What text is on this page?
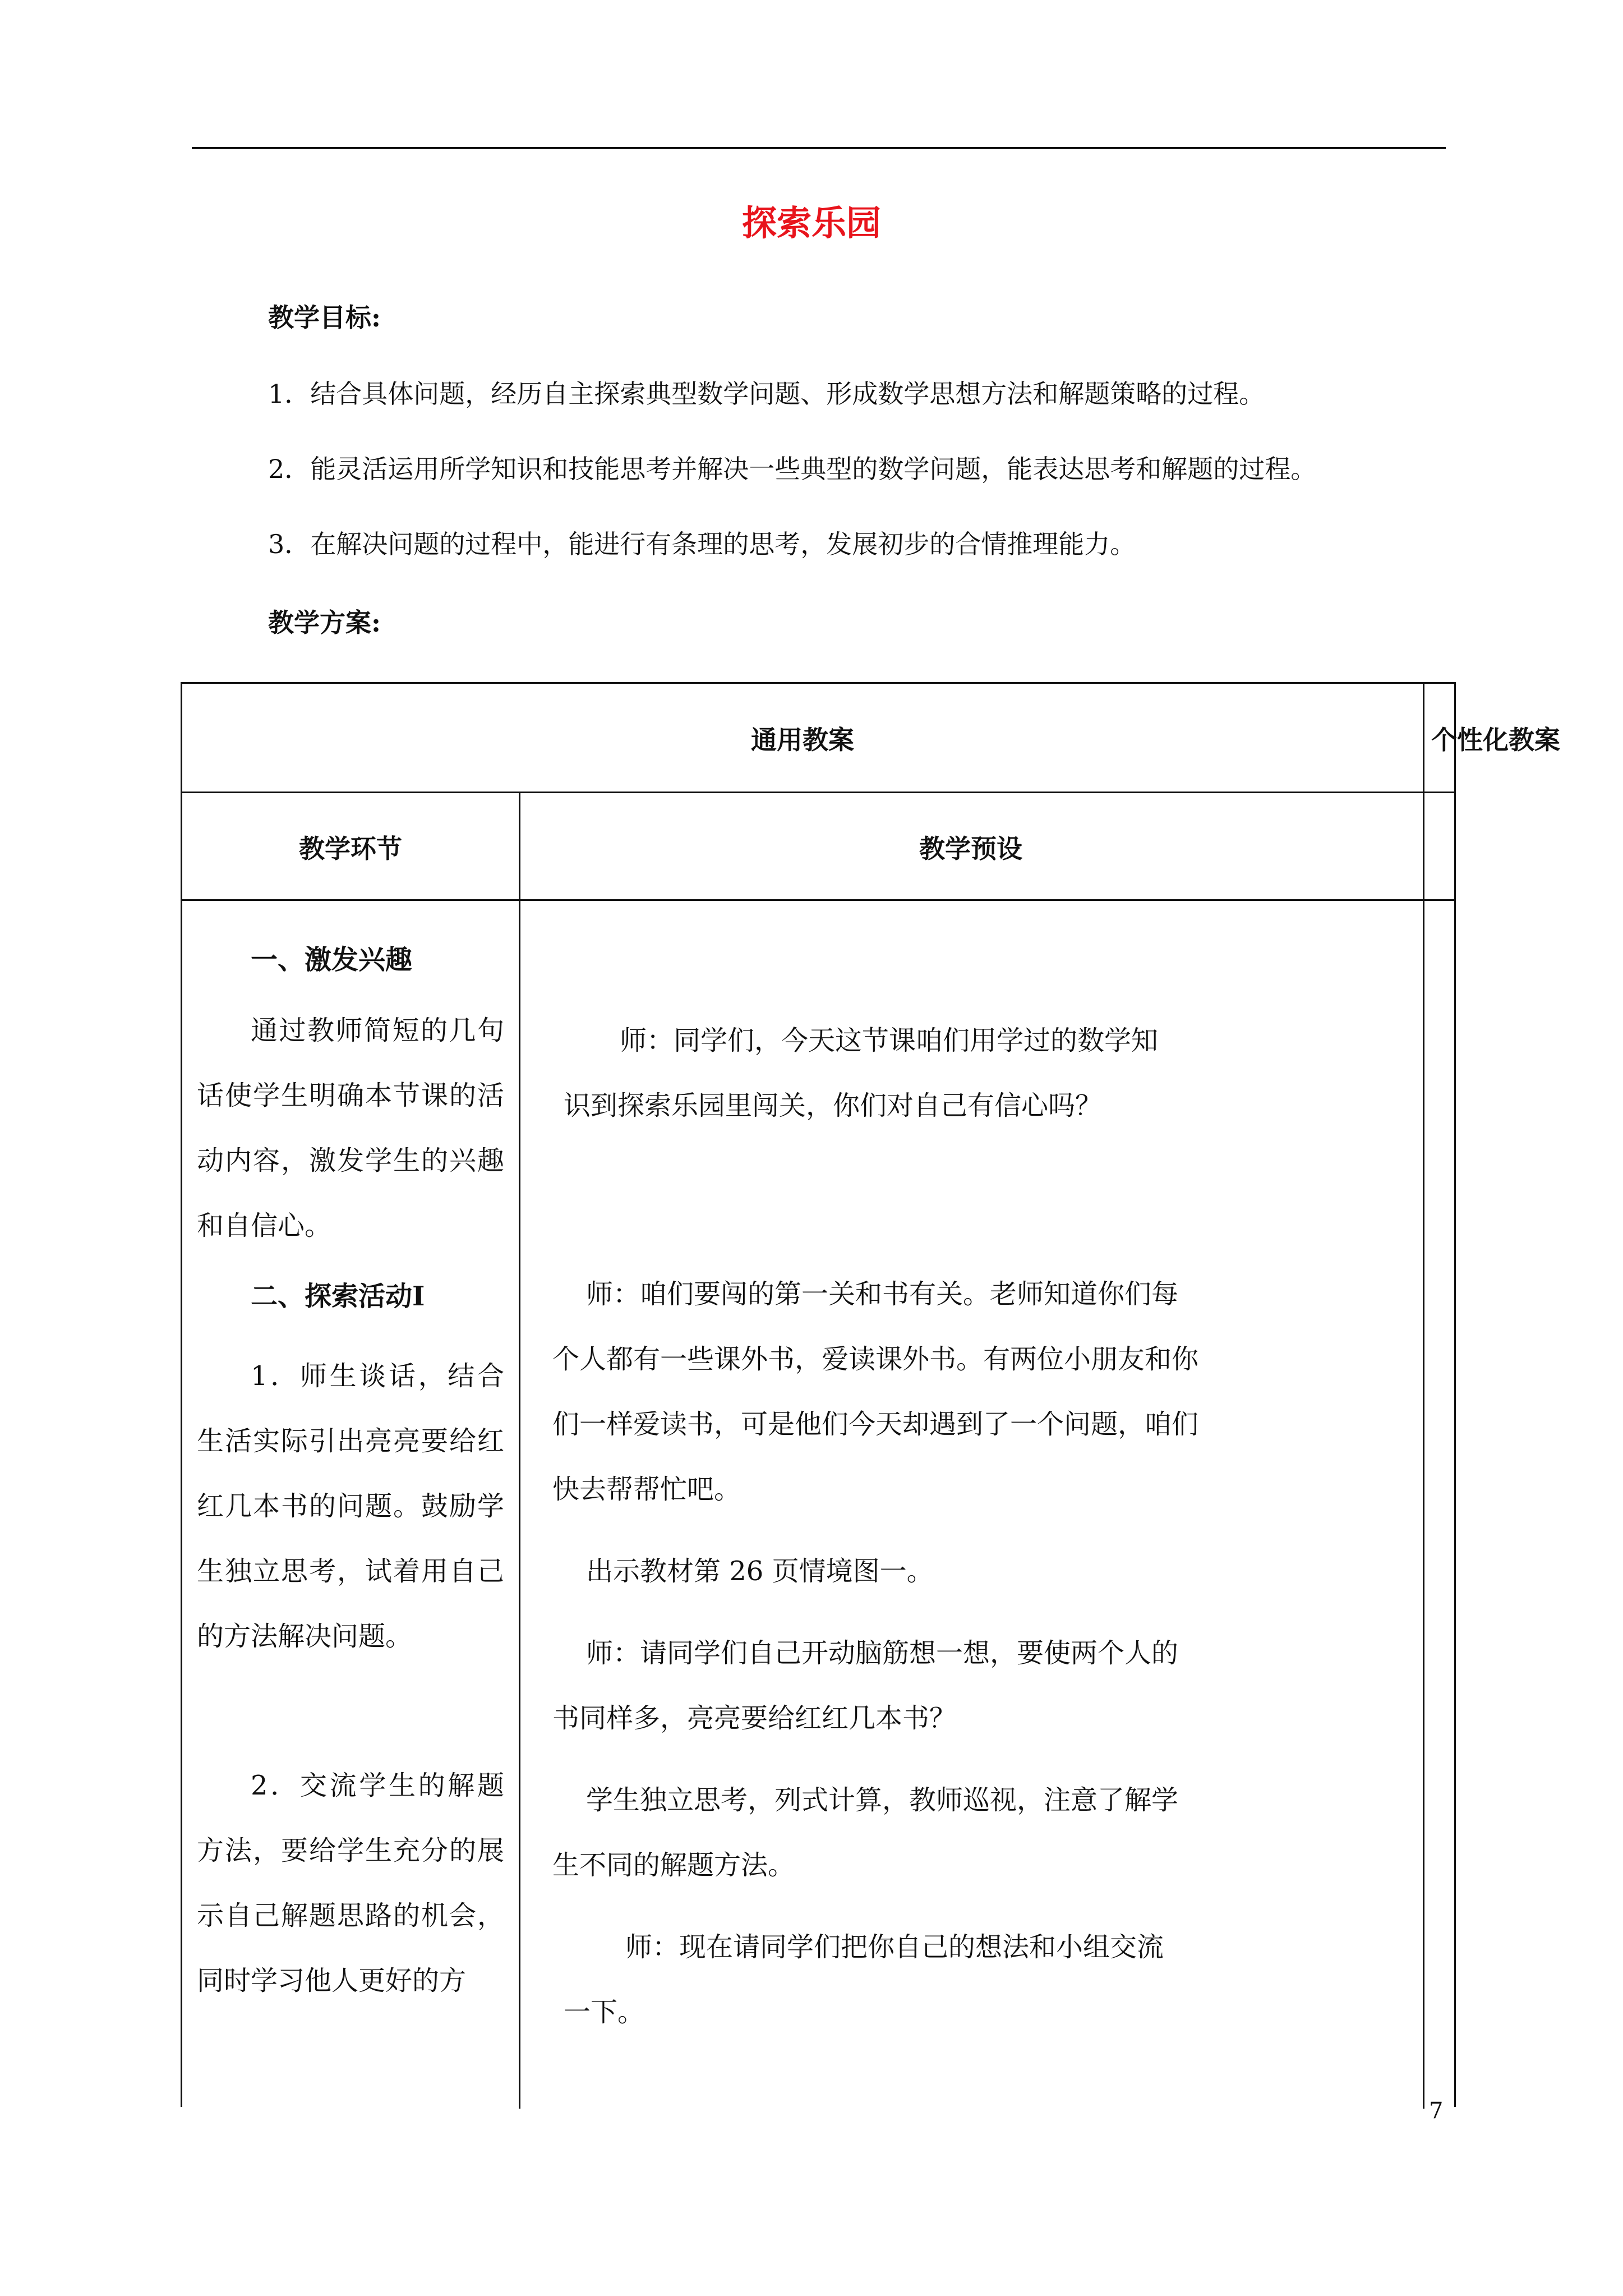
探索乐园
教学目标:
1．结合具体问题，经历自主探索典型数学问题、形成数学思想方法和解题策略的过程。
2．能灵活运用所学知识和技能思考并解决一些典型的数学问题，能表达思考和解题的过程。
3．在解决问题的过程中，能进行有条理的思考，发展初步的合情推理能力。
教学方案:
通用教案	个性化教案
教学环节	教学预设
一、激发兴趣
通过教师简短的几句话使学生明确本节课的活动内容，激发学生的兴趣和自信心。
二、探索活动Ⅰ
1．师生谈话，结合生活实际引出亮亮要给红红几本书的问题。鼓励学生独立思考，试着用自己的方法解决问题。
2．交流学生的解题方法，要给学生充分的展示自己解题思路的机会，同时学习他人更好的方

师：同学们，今天这节课咱们用学过的数学知

识到探索乐园里闯关，你们对自己有信心吗？

师：咱们要闯的第一关和书有关。老师知道你们每

个人都有一些课外书，爱读课外书。有两位小朋友和你

们一样爱读书，可是他们今天却遇到了一个问题，咱们

快去帮帮忙吧。

出示教材第 26 页情境图一。

师：请同学们自己开动脑筋想一想，要使两个人的

书同样多，亮亮要给红红几本书？

学生独立思考，列式计算，教师巡视，注意了解学

生不同的解题方法。

师：现在请同学们把你自己的想法和小组交流

一下。

7
